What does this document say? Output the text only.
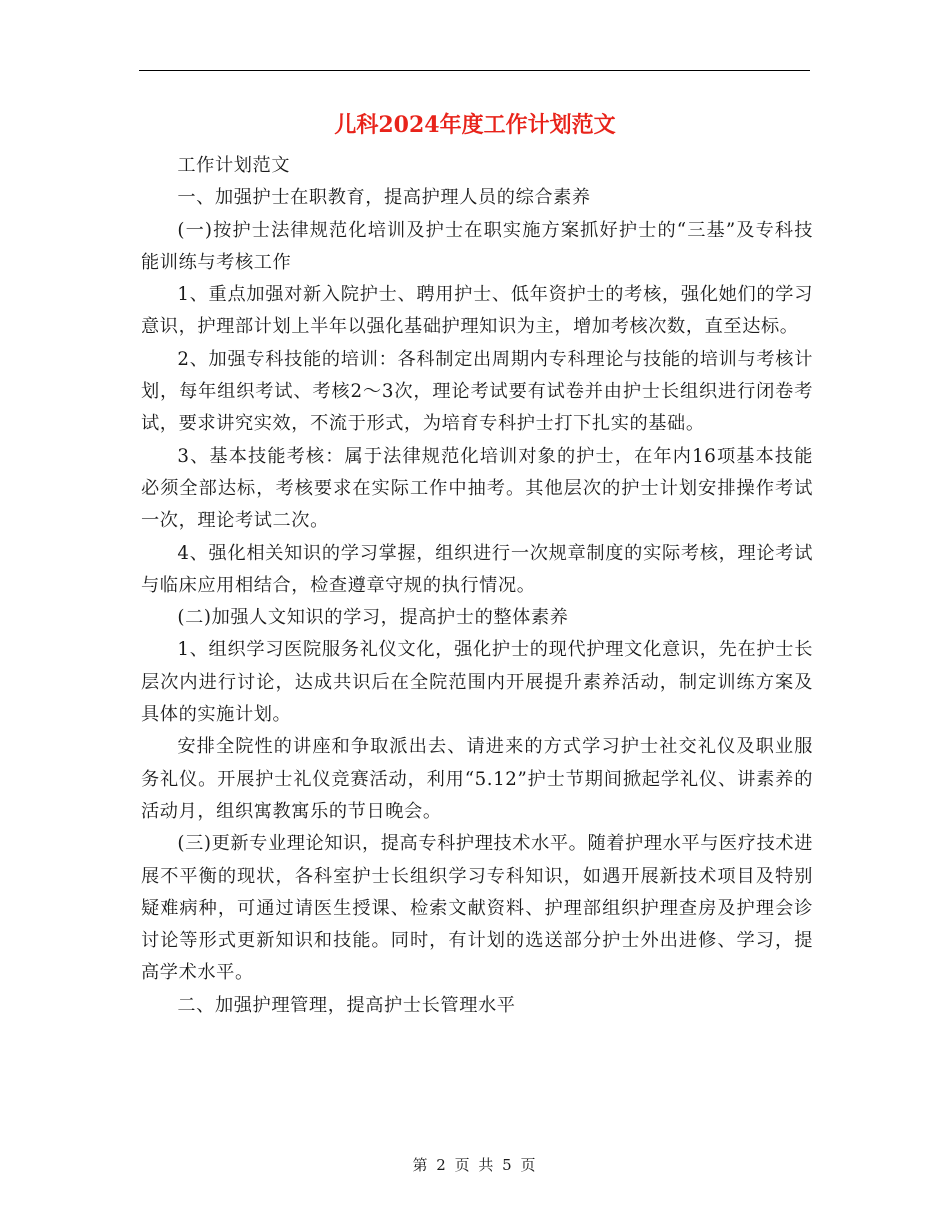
儿科2024年度工作计划范文

工作计划范文

一、加强护士在职教育，提高护理人员的综合素养

(一)按护士法律规范化培训及护士在职实施方案抓好护士的“三基”及专科技能训练与考核工作

1、重点加强对新入院护士、聘用护士、低年资护士的考核，强化她们的学习意识，护理部计划上半年以强化基础护理知识为主，增加考核次数，直至达标。

2、加强专科技能的培训：各科制定出周期内专科理论与技能的培训与考核计划，每年组织考试、考核2～3次，理论考试要有试卷并由护士长组织进行闭卷考试，要求讲究实效，不流于形式，为培育专科护士打下扎实的基础。

3、基本技能考核：属于法律规范化培训对象的护士，在年内16项基本技能必须全部达标，考核要求在实际工作中抽考。其他层次的护士计划安排操作考试一次，理论考试二次。

4、强化相关知识的学习掌握，组织进行一次规章制度的实际考核，理论考试与临床应用相结合，检查遵章守规的执行情况。

(二)加强人文知识的学习，提高护士的整体素养

1、组织学习医院服务礼仪文化，强化护士的现代护理文化意识，先在护士长层次内进行讨论，达成共识后在全院范围内开展提升素养活动，制定训练方案及具体的实施计划。

安排全院性的讲座和争取派出去、请进来的方式学习护士社交礼仪及职业服务礼仪。开展护士礼仪竞赛活动，利用“5.12”护士节期间掀起学礼仪、讲素养的活动月，组织寓教寓乐的节日晚会。

(三)更新专业理论知识，提高专科护理技术水平。随着护理水平与医疗技术进展不平衡的现状，各科室护士长组织学习专科知识，如遇开展新技术项目及特别疑难病种，可通过请医生授课、检索文献资料、护理部组织护理查房及护理会诊讨论等形式更新知识和技能。同时，有计划的选送部分护士外出进修、学习，提高学术水平。

二、加强护理管理，提高护士长管理水平

第 2 页 共 5 页
